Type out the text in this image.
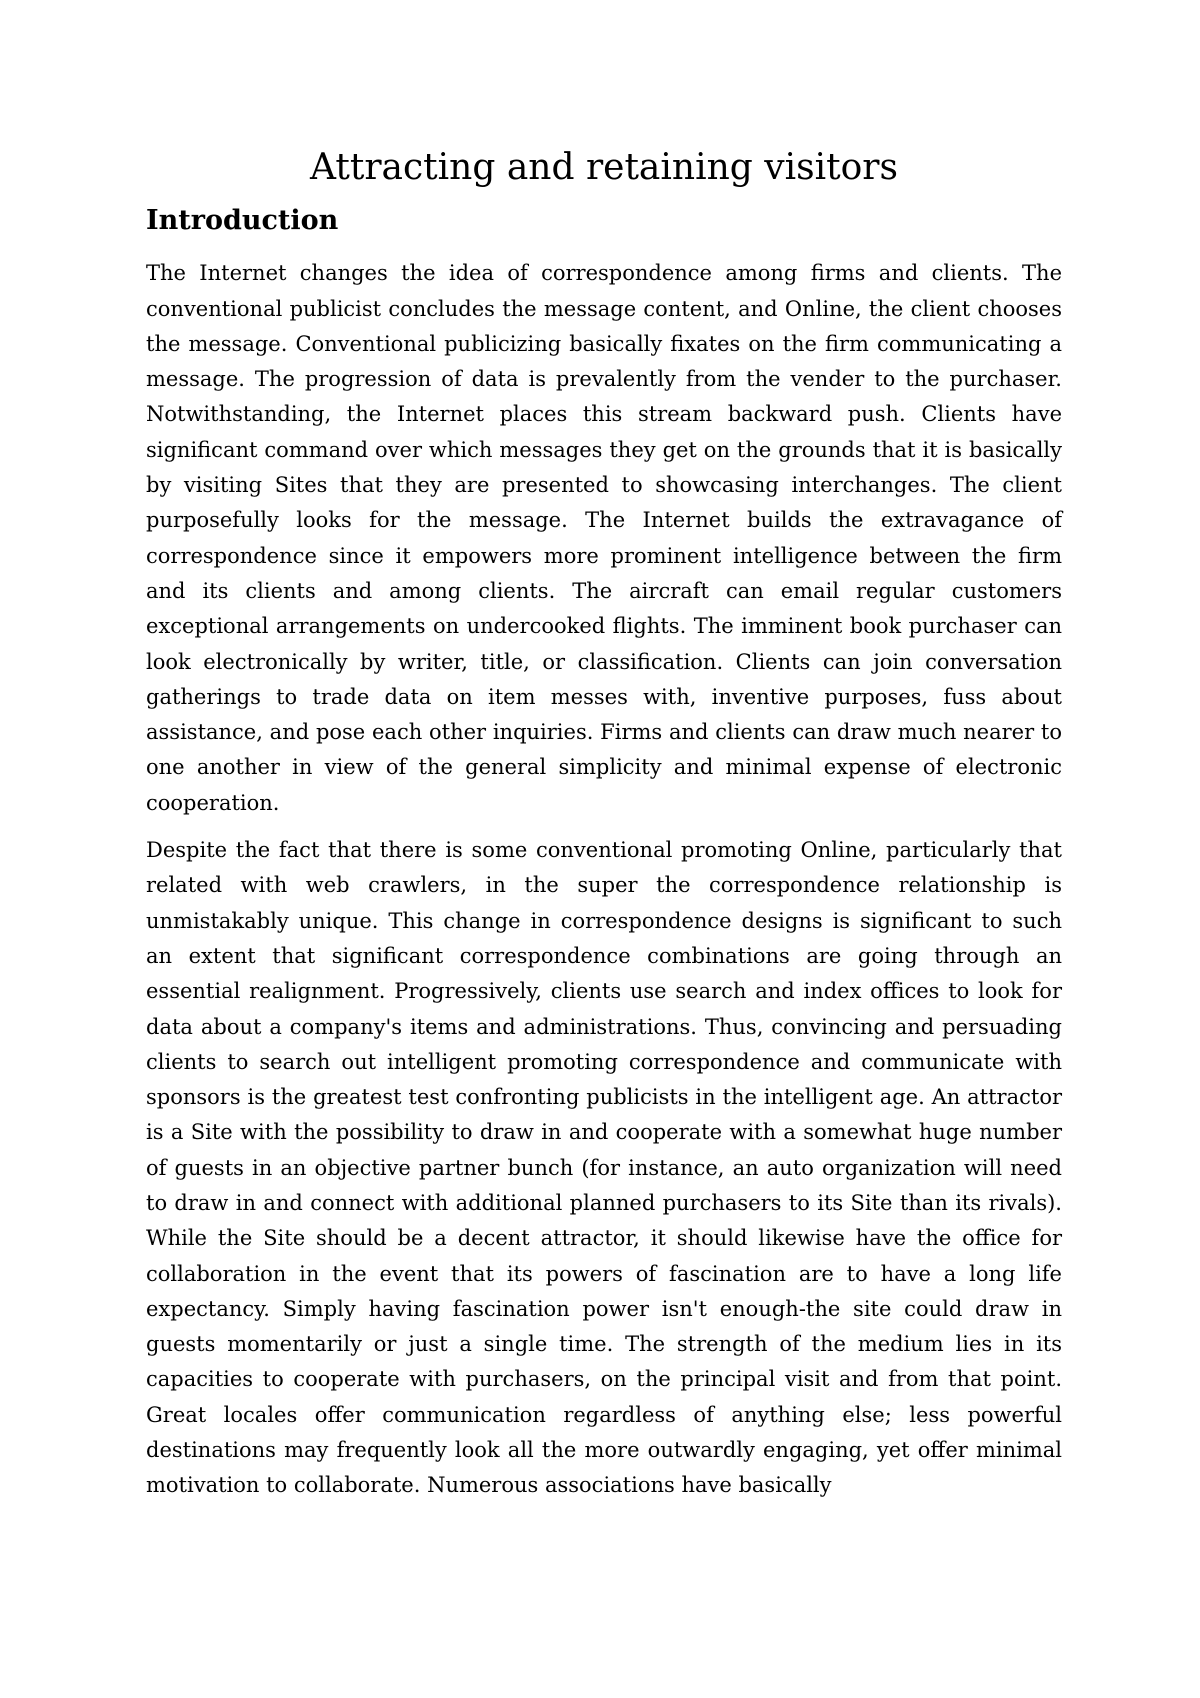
Attracting and retaining visitors
Introduction

The Internet changes the idea of correspondence among firms and clients. The conventional publicist concludes the message content, and Online, the client chooses the message. Conventional publicizing basically fixates on the firm communicating a message. The progression of data is prevalently from the vender to the purchaser. Notwithstanding, the Internet places this stream backward push. Clients have significant command over which messages they get on the grounds that it is basically by visiting Sites that they are presented to showcasing interchanges. The client purposefully looks for the message. The Internet builds the extravagance of correspondence since it empowers more prominent intelligence between the firm and its clients and among clients. The aircraft can email regular customers exceptional arrangements on undercooked flights. The imminent book purchaser can look electronically by writer, title, or classification. Clients can join conversation gatherings to trade data on item messes with, inventive purposes, fuss about assistance, and pose each other inquiries. Firms and clients can draw much nearer to one another in view of the general simplicity and minimal expense of electronic cooperation.

Despite the fact that there is some conventional promoting Online, particularly that related with web crawlers, in the super the correspondence relationship is unmistakably unique. This change in correspondence designs is significant to such an extent that significant correspondence combinations are going through an essential realignment. Progressively, clients use search and index offices to look for data about a company's items and administrations. Thus, convincing and persuading clients to search out intelligent promoting correspondence and communicate with sponsors is the greatest test confronting publicists in the intelligent age. An attractor is a Site with the possibility to draw in and cooperate with a somewhat huge number of guests in an objective partner bunch (for instance, an auto organization will need to draw in and connect with additional planned purchasers to its Site than its rivals). While the Site should be a decent attractor, it should likewise have the office for collaboration in the event that its powers of fascination are to have a long life expectancy. Simply having fascination power isn't enough-the site could draw in guests momentarily or just a single time. The strength of the medium lies in its capacities to cooperate with purchasers, on the principal visit and from that point. Great locales offer communication regardless of anything else; less powerful destinations may frequently look all the more outwardly engaging, yet offer minimal motivation to collaborate. Numerous associations have basically
